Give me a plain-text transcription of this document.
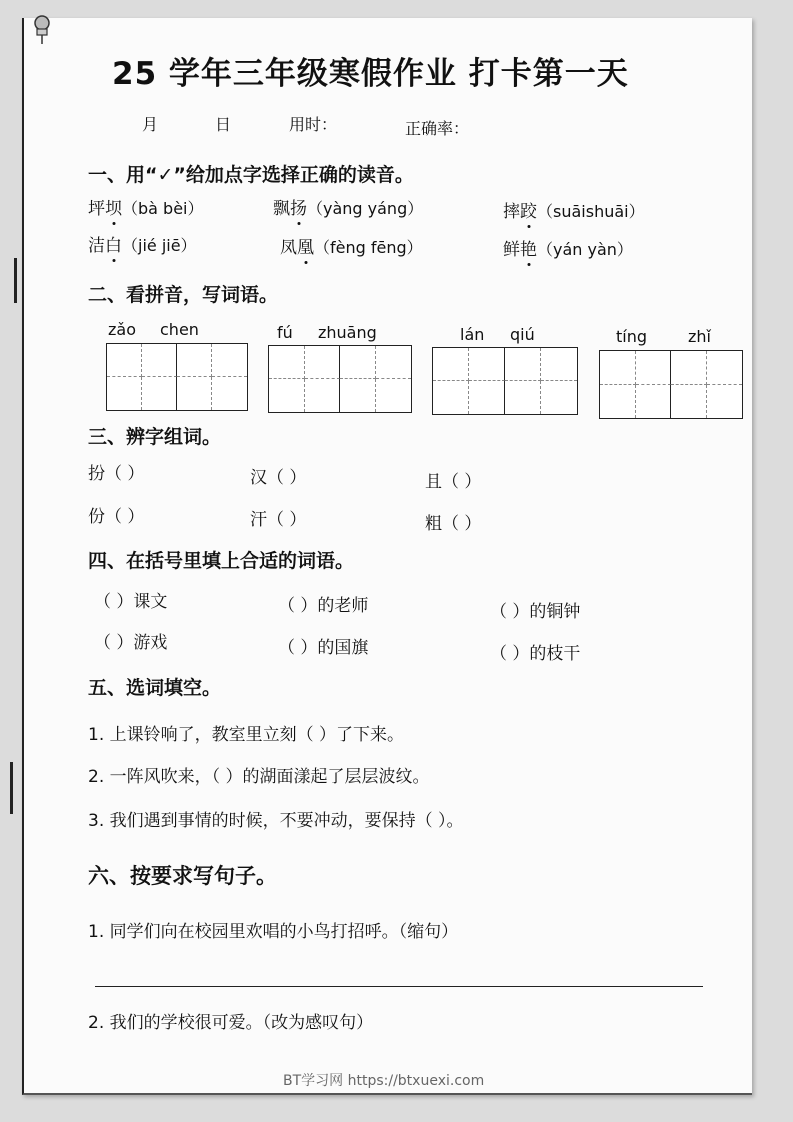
25 学年三年级寒假作业 打卡第一天
月	日	用时：	正确率：
一、用“✓”给加点字选择正确的读音。
坪坝（bà bèi）	飘扬（yàng yáng）	摔跤（suāishuāi）
洁白（jié jiē）	凤凰（fèng fēng）	鲜艳（yán yàn）
二、看拼音，写词语。
zǎo chen	fú zhuāng	lán qiú	tíng	zhǐ
三、辨字组词。
扮（ ）	汉（ ）	且（ ）
份（ ）	汗（ ）	粗（ ）
四、在括号里填上合适的词语。
（ ）课文	（ ）的老师	（ ）的铜钟
（ ）游戏	（ ）的国旗	（ ）的枝干
五、选词填空。
1. 上课铃响了，教室里立刻（ ）了下来。
2. 一阵风吹来，（ ）的湖面漾起了层层波纹。
3. 我们遇到事情的时候，不要冲动，要保持（ ）。
六、按要求写句子。
1. 同学们向在校园里欢唱的小鸟打招呼。（缩句）
2. 我们的学校很可爱。（改为感叹句）
BT学习网 https://btxuexi.com
